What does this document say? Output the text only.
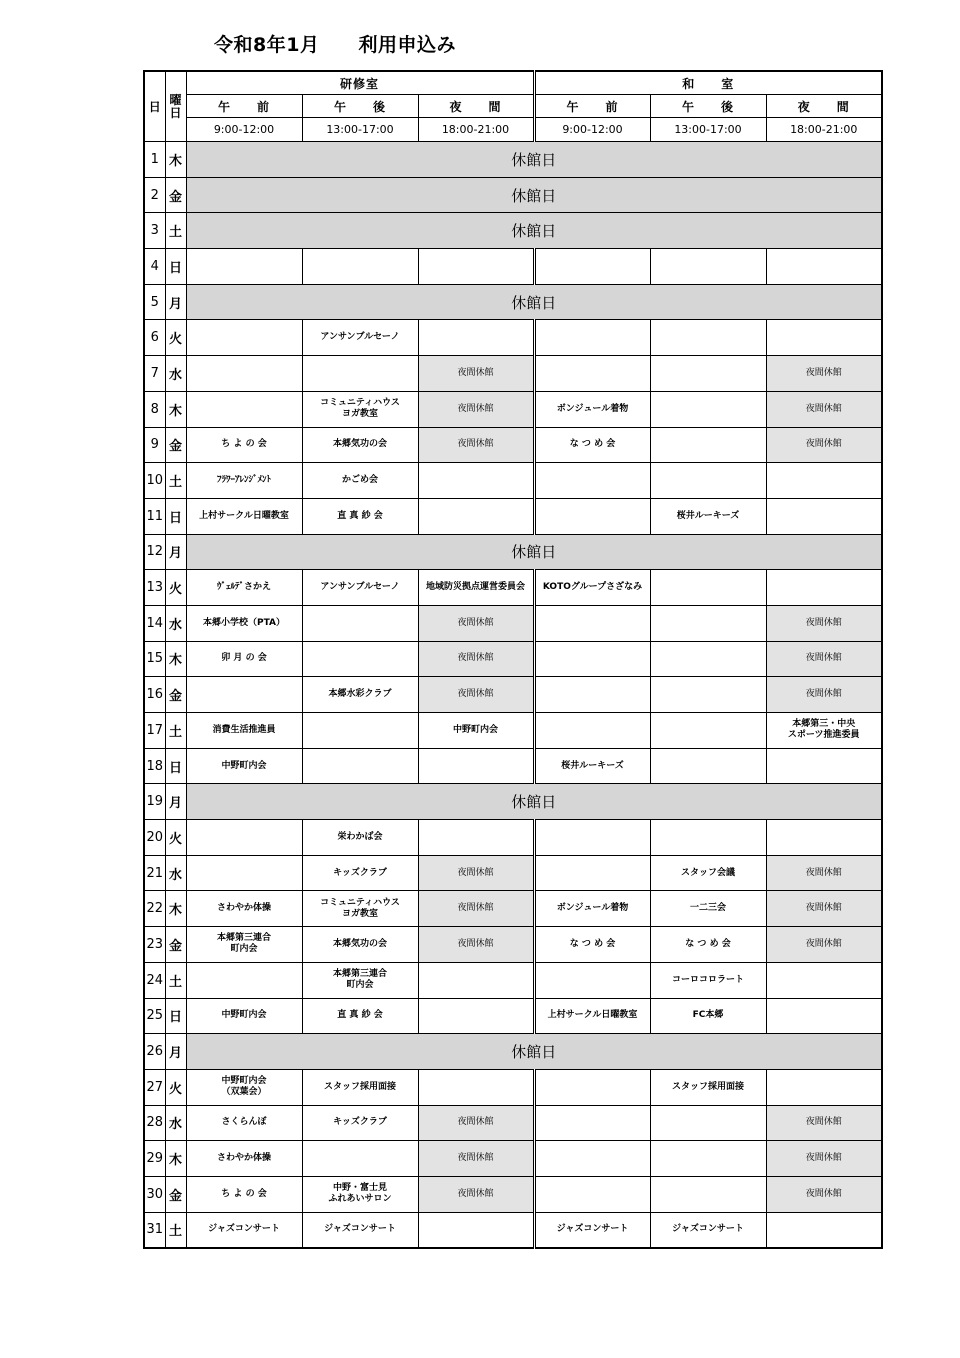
令和8年1月　　利用申込み
日	曜
日	研修室			和　　室		
		午　　前	午　　後	夜　　間	午　　前	午　　後	夜　　間
		9:00-12:00	13:00-17:00	18:00-21:00	9:00-12:00	13:00-17:00	18:00-21:00
1	木	休館日					
2	金	休館日					
3	土	休館日					
4	日						
5	月	休館日					
6	火		アンサンブルセーノ				
7	水			夜間休館			夜間休館
8	木		コミュニティハウス
ヨガ教室	夜間休館	ボンジュール着物		夜間休館
9	金	ち よ の 会	本郷気功の会	夜間休館	な つ め 会		夜間休館
10	土	ﾌﾗﾜｰｱﾚﾝｼﾞﾒﾝﾄ	かごめ会				
11	日	上村サークル日曜教室	直 真 紗 会			桜井ルーキーズ	
12	月	休館日					
13	火	ｳﾞｪﾙﾃﾞさかえ	アンサンブルセーノ	地域防災拠点運営委員会	KOTOグループさざなみ		
14	水	本郷小学校（PTA）		夜間休館			夜間休館
15	木	卯 月 の 会		夜間休館			夜間休館
16	金		本郷水彩クラブ	夜間休館			夜間休館
17	土	消費生活推進員		中野町内会			本郷第三・中央
スポーツ推進委員
18	日	中野町内会			桜井ルーキーズ		
19	月	休館日					
20	火		栄わかば会				
21	水		キッズクラブ	夜間休館		スタッフ会議	夜間休館
22	木	さわやか体操	コミュニティハウス
ヨガ教室	夜間休館	ボンジュール着物	一二三会	夜間休館
23	金	本郷第三連合
町内会	本郷気功の会	夜間休館	な つ め 会	な つ め 会	夜間休館
24	土		本郷第三連合
町内会			コーロコロラート	
25	日	中野町内会	直 真 紗 会		上村サークル日曜教室	FC本郷	
26	月	休館日					
27	火	中野町内会
（双葉会）	スタッフ採用面接			スタッフ採用面接	
28	水	さくらんぼ	キッズクラブ	夜間休館			夜間休館
29	木	さわやか体操		夜間休館			夜間休館
30	金	ち よ の 会	中野・富士見
ふれあいサロン	夜間休館			夜間休館
31	土	ジャズコンサート	ジャズコンサート		ジャズコンサート	ジャズコンサート	
